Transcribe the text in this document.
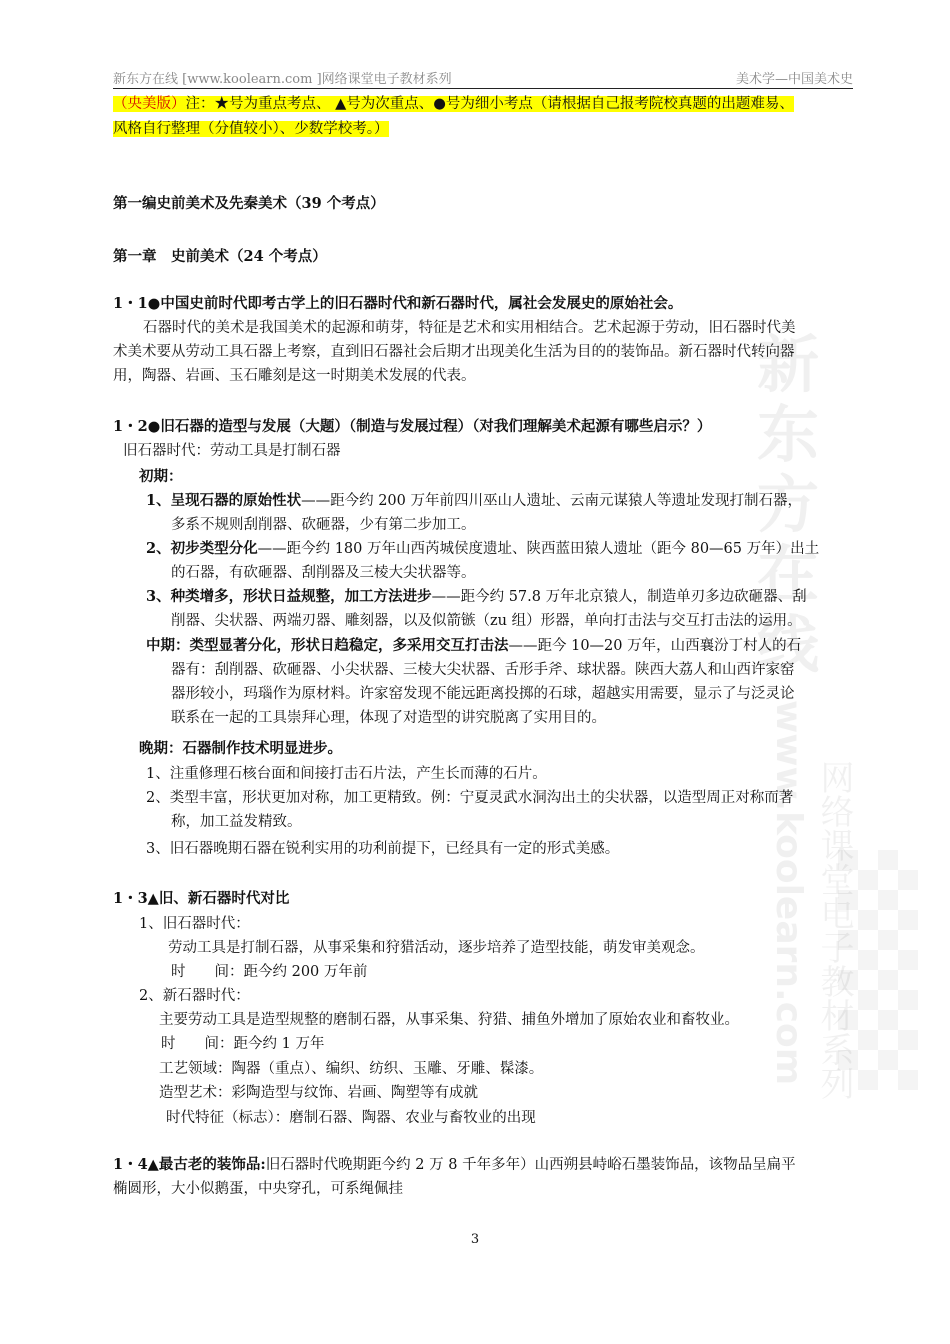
新东方在线 [www.koolearn.com ]网络课堂电子教材系列	美术学—中国美术史
（央美版）注：★号为重点考点、 ▲号为次重点、●号为细小考点（请根据自己报考院校真题的出题难易、
风格自行整理（分值较小）、少数学校考。）
新东方在线
www.koolearn.com 网络课堂电子教材系列
第一编史前美术及先秦美术（39 个考点）
第一章　史前美术（24 个考点）
1・1●中国史前时代即考古学上的旧石器时代和新石器时代，属社会发展史的原始社会。
石器时代的美术是我国美术的起源和萌芽，特征是艺术和实用相结合。艺术起源于劳动，旧石器时代美
术美术要从劳动工具石器上考察，直到旧石器社会后期才出现美化生活为目的的装饰品。新石器时代转向器
用，陶器、岩画、玉石雕刻是这一时期美术发展的代表。
1・2●旧石器的造型与发展（大题）（制造与发展过程）（对我们理解美术起源有哪些启示？）
旧石器时代：劳动工具是打制石器
初期：
1、呈现石器的原始性状——距今约 200 万年前四川巫山人遗址、云南元谋猿人等遗址发现打制石器，
多系不规则刮削器、砍砸器，少有第二步加工。
2、初步类型分化——距今约 180 万年山西芮城侯度遗址、陕西蓝田猿人遗址（距今 80—65 万年）出土
的石器，有砍砸器、刮削器及三棱大尖状器等。
3、种类增多，形状日益规整，加工方法进步——距今约 57.8 万年北京猿人，制造单刃多边砍砸器、刮
削器、尖状器、两端刃器、雕刻器，以及似箭镞（zu 组）形器，单向打击法与交互打击法的运用。
中期：类型显著分化，形状日趋稳定，多采用交互打击法——距今 10—20 万年，山西襄汾丁村人的石
器有：刮削器、砍砸器、小尖状器、三棱大尖状器、舌形手斧、球状器。陕西大荔人和山西许家窑
器形较小，玛瑙作为原材料。许家窑发现不能远距离投掷的石球，超越实用需要，显示了与泛灵论
联系在一起的工具崇拜心理，体现了对造型的讲究脱离了实用目的。
晚期：石器制作技术明显进步。
1、注重修理石核台面和间接打击石片法，产生长而薄的石片。
2、类型丰富，形状更加对称，加工更精致。例：宁夏灵武水洞沟出土的尖状器，以造型周正对称而著
称，加工益发精致。
3、旧石器晚期石器在锐利实用的功利前提下，已经具有一定的形式美感。
1・3▲旧、新石器时代对比
1、旧石器时代：
劳动工具是打制石器，从事采集和狩猎活动，逐步培养了造型技能，萌发审美观念。
时　　间：距今约 200 万年前
2、新石器时代：
主要劳动工具是造型规整的磨制石器，从事采集、狩猎、捕鱼外增加了原始农业和畜牧业。
时　　间：距今约 1 万年
工艺领域：陶器（重点）、编织、纺织、玉雕、牙雕、髹漆。
造型艺术：彩陶造型与纹饰、岩画、陶塑等有成就
时代特征（标志）：磨制石器、陶器、农业与畜牧业的出现
1・4▲最古老的装饰品:旧石器时代晚期距今约 2 万 8 千年多年）山西朔县峙峪石墨装饰品，该物品呈扁平
椭圆形，大小似鹅蛋，中央穿孔，可系绳佩挂
3
